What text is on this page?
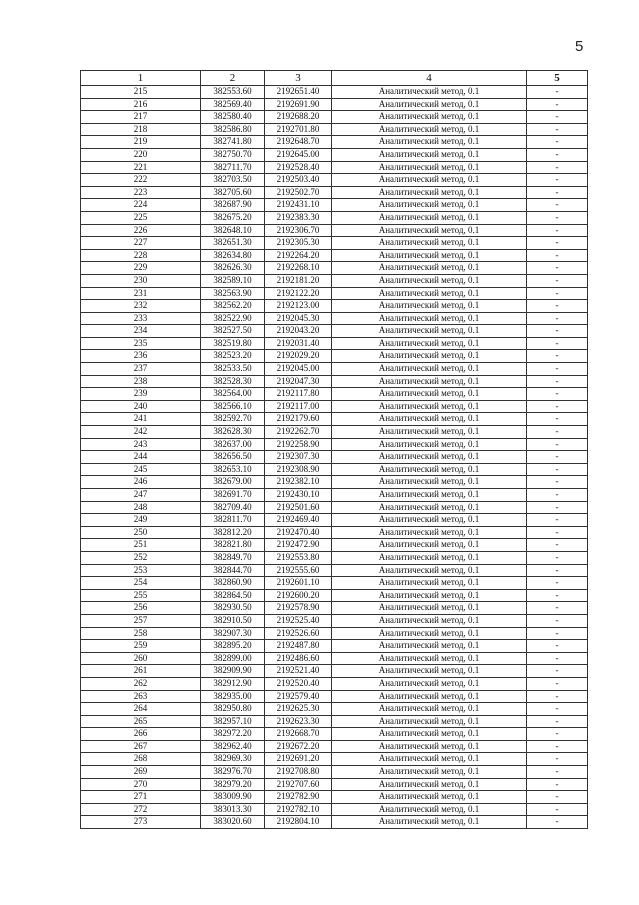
5
1	2	3	4	5
215	382553.60	2192651.40	Аналитический метод, 0.1	-
216	382569.40	2192691.90	Аналитический метод, 0.1	-
217	382580.40	2192688.20	Аналитический метод, 0.1	-
218	382586.80	2192701.80	Аналитический метод, 0.1	-
219	382741.80	2192648.70	Аналитический метод, 0.1	-
220	382750.70	2192645.00	Аналитический метод, 0.1	-
221	382711.70	2192528.40	Аналитический метод, 0.1	-
222	382703.50	2192503.40	Аналитический метод, 0.1	-
223	382705.60	2192502.70	Аналитический метод, 0.1	-
224	382687.90	2192431.10	Аналитический метод, 0.1	-
225	382675.20	2192383.30	Аналитический метод, 0.1	-
226	382648.10	2192306.70	Аналитический метод, 0.1	-
227	382651.30	2192305.30	Аналитический метод, 0.1	-
228	382634.80	2192264.20	Аналитический метод, 0.1	-
229	382626.30	2192268.10	Аналитический метод, 0.1	-
230	382589.10	2192181.20	Аналитический метод, 0.1	-
231	382563.90	2192122.20	Аналитический метод, 0.1	-
232	382562.20	2192123.00	Аналитический метод, 0.1	-
233	382522.90	2192045.30	Аналитический метод, 0.1	-
234	382527.50	2192043.20	Аналитический метод, 0.1	-
235	382519.80	2192031.40	Аналитический метод, 0.1	-
236	382523.20	2192029.20	Аналитический метод, 0.1	-
237	382533.50	2192045.00	Аналитический метод, 0.1	-
238	382528.30	2192047.30	Аналитический метод, 0.1	-
239	382564.00	2192117.80	Аналитический метод, 0.1	-
240	382566.10	2192117.00	Аналитический метод, 0.1	-
241	382592.70	2192179.60	Аналитический метод, 0.1	-
242	382628.30	2192262.70	Аналитический метод, 0.1	-
243	382637.00	2192258.90	Аналитический метод, 0.1	-
244	382656.50	2192307.30	Аналитический метод, 0.1	-
245	382653.10	2192308.90	Аналитический метод, 0.1	-
246	382679.00	2192382.10	Аналитический метод, 0.1	-
247	382691.70	2192430.10	Аналитический метод, 0.1	-
248	382709.40	2192501.60	Аналитический метод, 0.1	-
249	382811.70	2192469.40	Аналитический метод, 0.1	-
250	382812.20	2192470.40	Аналитический метод, 0.1	-
251	382821.80	2192472.90	Аналитический метод, 0.1	-
252	382849.70	2192553.80	Аналитический метод, 0.1	-
253	382844.70	2192555.60	Аналитический метод, 0.1	-
254	382860.90	2192601.10	Аналитический метод, 0.1	-
255	382864.50	2192600.20	Аналитический метод, 0.1	-
256	382930.50	2192578.90	Аналитический метод, 0.1	-
257	382910.50	2192525.40	Аналитический метод, 0.1	-
258	382907.30	2192526.60	Аналитический метод, 0.1	-
259	382895.20	2192487.80	Аналитический метод, 0.1	-
260	382899.00	2192486.60	Аналитический метод, 0.1	-
261	382909.90	2192521.40	Аналитический метод, 0.1	-
262	382912.90	2192520.40	Аналитический метод, 0.1	-
263	382935.00	2192579.40	Аналитический метод, 0.1	-
264	382950.80	2192625.30	Аналитический метод, 0.1	-
265	382957.10	2192623.30	Аналитический метод, 0.1	-
266	382972.20	2192668.70	Аналитический метод, 0.1	-
267	382962.40	2192672.20	Аналитический метод, 0.1	-
268	382969.30	2192691.20	Аналитический метод, 0.1	-
269	382976.70	2192708.80	Аналитический метод, 0.1	-
270	382979.20	2192707.60	Аналитический метод, 0.1	-
271	383009.90	2192782.90	Аналитический метод, 0.1	-
272	383013.30	2192782.10	Аналитический метод, 0.1	-
273	383020.60	2192804.10	Аналитический метод, 0.1	-
